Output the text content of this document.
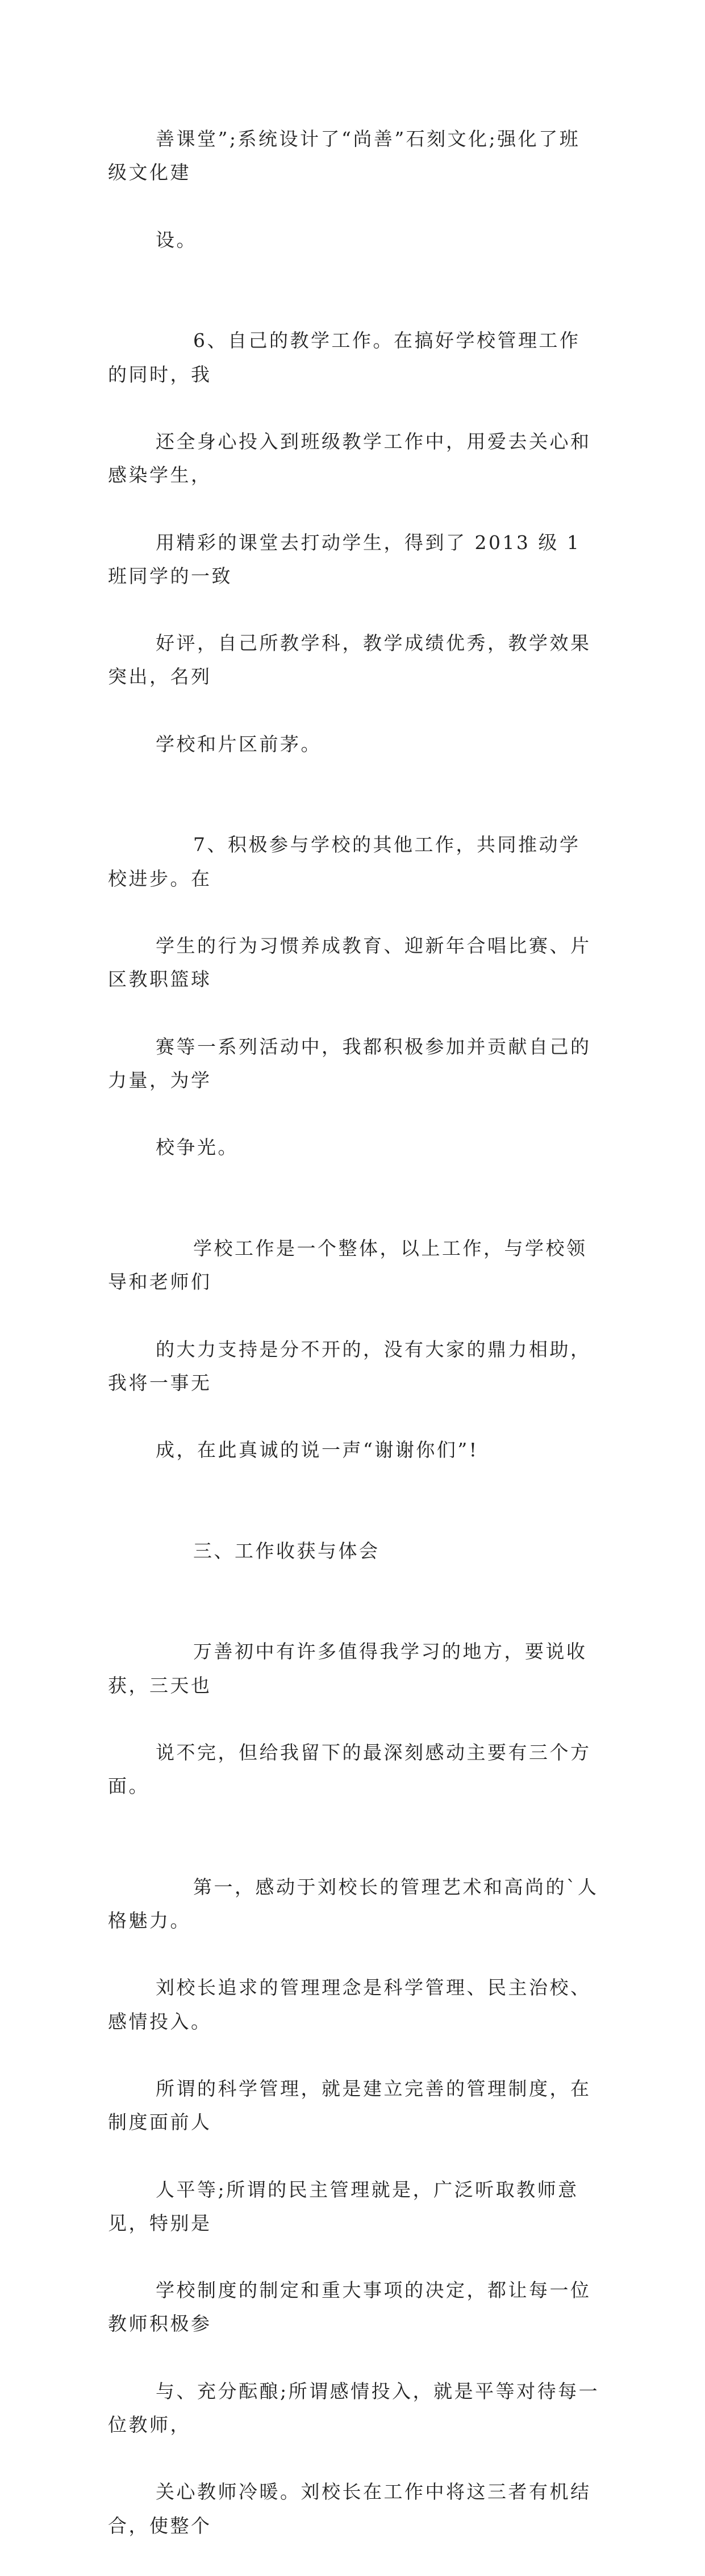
善课堂”;系统设计了“尚善”石刻文化;强化了班级文化建

设。

6、自己的教学工作。在搞好学校管理工作的同时，我

还全身心投入到班级教学工作中，用爱去关心和感染学生，

用精彩的课堂去打动学生，得到了 2013 级 1 班同学的一致

好评，自己所教学科，教学成绩优秀，教学效果突出，名列

学校和片区前茅。

7、积极参与学校的其他工作，共同推动学校进步。在

学生的行为习惯养成教育、迎新年合唱比赛、片区教职篮球

赛等一系列活动中，我都积极参加并贡献自己的力量，为学

校争光。

学校工作是一个整体，以上工作，与学校领导和老师们

的大力支持是分不开的，没有大家的鼎力相助，我将一事无

成，在此真诚的说一声“谢谢你们”!

三、工作收获与体会

万善初中有许多值得我学习的地方，要说收获，三天也

说不完，但给我留下的最深刻感动主要有三个方面。

第一，感动于刘校长的管理艺术和高尚的`人格魅力。

刘校长追求的管理理念是科学管理、民主治校、感情投入。

所谓的科学管理，就是建立完善的管理制度，在制度面前人

人平等;所谓的民主管理就是，广泛听取教师意见，特别是

学校制度的制定和重大事项的决定，都让每一位教师积极参

与、充分酝酿;所谓感情投入，就是平等对待每一位教师，

关心教师冷暖。刘校长在工作中将这三者有机结合，使整个
